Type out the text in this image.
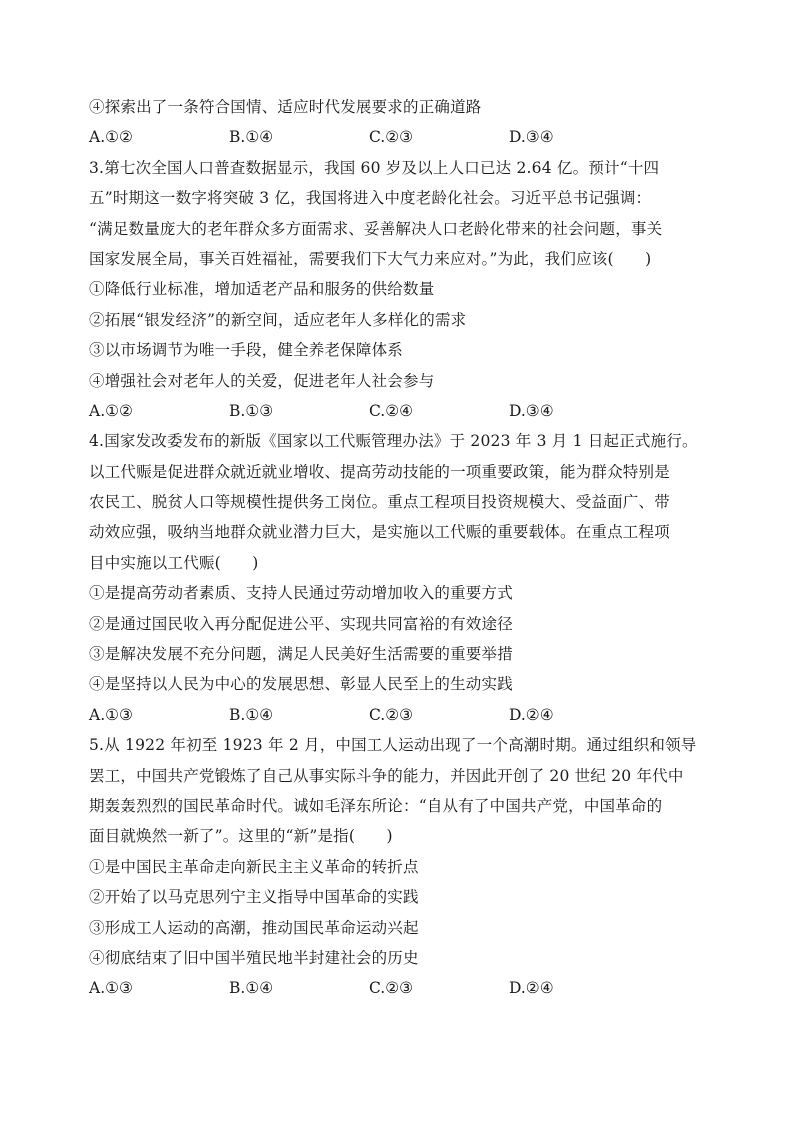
④探索出了一条符合国情、适应时代发展要求的正确道路
A.①②	B.①④	C.②③	D.③④
3.第七次全国人口普查数据显示，我国 60 岁及以上人口已达 2.64 亿。预计“十四
五”时期这一数字将突破 3 亿，我国将进入中度老龄化社会。习近平总书记强调：
“满足数量庞大的老年群众多方面需求、妥善解决人口老龄化带来的社会问题，事关
国家发展全局，事关百姓福祉，需要我们下大气力来应对。”为此，我们应该(　　)
①降低行业标准，增加适老产品和服务的供给数量
②拓展“银发经济”的新空间，适应老年人多样化的需求
③以市场调节为唯一手段，健全养老保障体系
④增强社会对老年人的关爱，促进老年人社会参与
A.①②	B.①③	C.②④	D.③④
4.国家发改委发布的新版《国家以工代赈管理办法》于 2023 年 3 月 1 日起正式施行。
以工代赈是促进群众就近就业增收、提高劳动技能的一项重要政策，能为群众特别是
农民工、脱贫人口等规模性提供务工岗位。重点工程项目投资规模大、受益面广、带
动效应强，吸纳当地群众就业潜力巨大，是实施以工代赈的重要载体。在重点工程项
目中实施以工代赈(　　)
①是提高劳动者素质、支持人民通过劳动增加收入的重要方式
②是通过国民收入再分配促进公平、实现共同富裕的有效途径
③是解决发展不充分问题，满足人民美好生活需要的重要举措
④是坚持以人民为中心的发展思想、彰显人民至上的生动实践
A.①③	B.①④	C.②③	D.②④
5.从 1922 年初至 1923 年 2 月，中国工人运动出现了一个高潮时期。通过组织和领导
罢工，中国共产党锻炼了自己从事实际斗争的能力，并因此开创了 20 世纪 20 年代中
期轰轰烈烈的国民革命时代。诚如毛泽东所论：“自从有了中国共产党，中国革命的
面目就焕然一新了”。这里的“新”是指(　　)
①是中国民主革命走向新民主主义革命的转折点
②开始了以马克思列宁主义指导中国革命的实践
③形成工人运动的高潮，推动国民革命运动兴起
④彻底结束了旧中国半殖民地半封建社会的历史
A.①③	B.①④	C.②③	D.②④
